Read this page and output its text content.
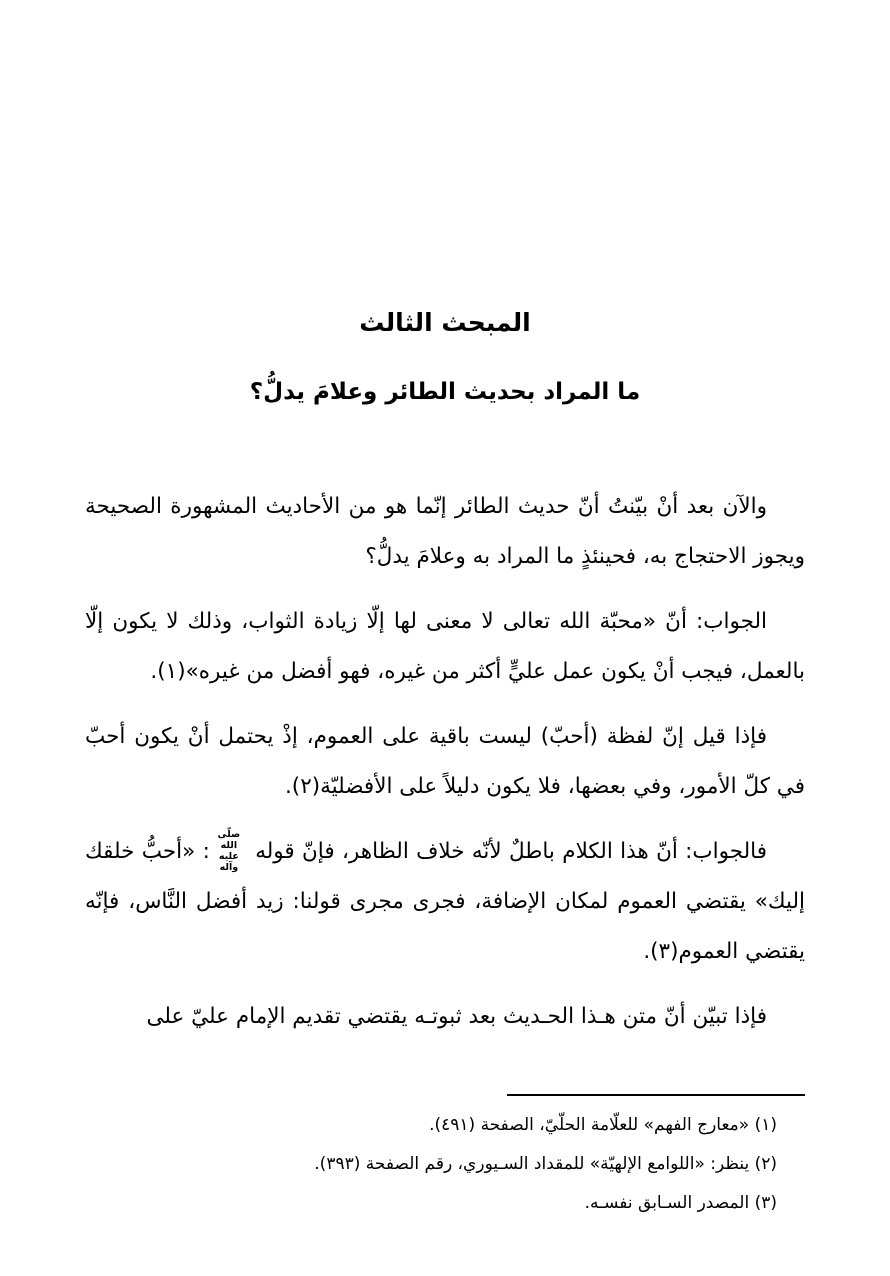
المبحث الثالث
ما المراد بحديث الطائر وعلامَ يدلُّ؟

والآن بعد أنْ بيّنتُ أنّ حديث الطائر إنّما هو من الأحاديث المشهورة الصحيحة ويجوز الاحتجاج به، فحينئذٍ ما المراد به وعلامَ يدلُّ؟

الجواب: أنّ «محبّة الله تعالى لا معنى لها إلّا زيادة الثواب، وذلك لا يكون إلّا بالعمل، فيجب أنْ يكون عمل عليٍّ أكثر من غيره، فهو أفضل من غيره»(١).

فإذا قيل إنّ لفظة (أحبّ) ليست باقية على العموم، إذْ يحتمل أنْ يكون أحبّ في كلّ الأمور، وفي بعضها، فلا يكون دليلاً على الأفضليّة(٢).

فالجواب: أنّ هذا الكلام باطلٌ لأنّه خلاف الظاهر، فإنّ قوله صلّى الله عليه وآله: «أحبُّ خلقك إليك» يقتضي العموم لمكان الإضافة، فجرى مجرى قولنا: زيد أفضل النَّاس، فإنّه يقتضي العموم(٣).

فإذا تبيّن أنّ متن هـذا الحـديث بعد ثبوتـه يقتضي تقديم الإمام عليّ على

(١) «معارج الفهم» للعلّامة الحلّيّ، الصفحة (٤٩١).
(٢) ينظر: «اللوامع الإلهيّة» للمقداد السـيوري، رقم الصفحة (٣٩٣).
(٣) المصدر السـابق نفسـه.
